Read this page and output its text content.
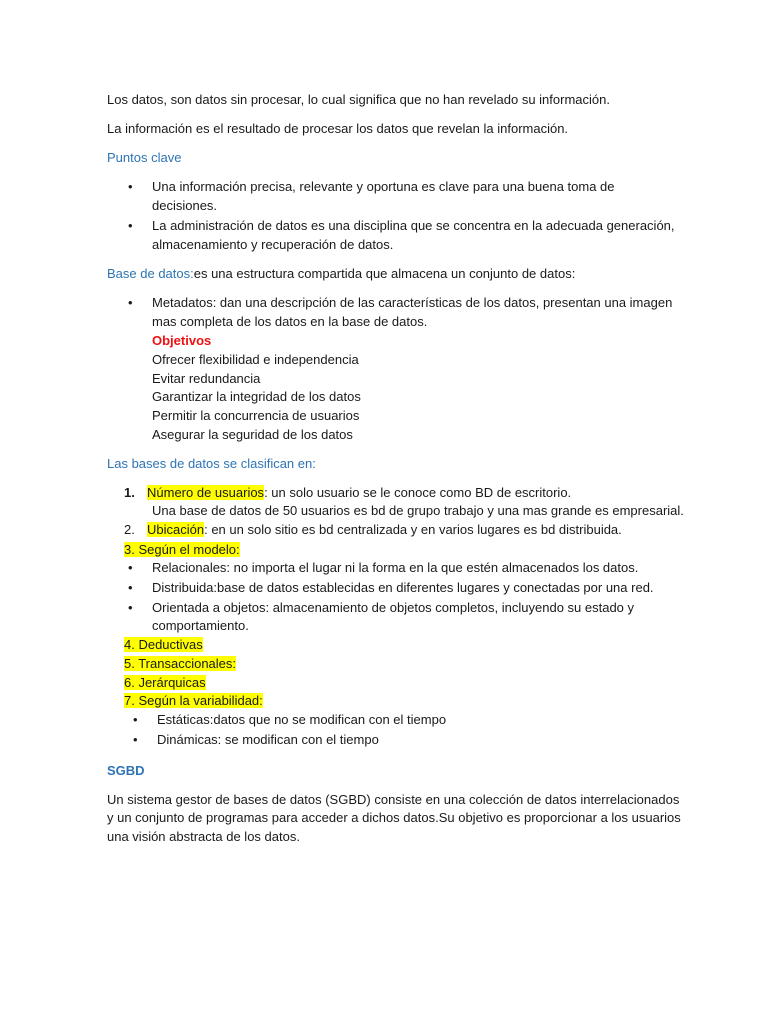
Los datos, son datos sin procesar, lo cual significa que no han revelado su información.
La información es el resultado de procesar los datos que revelan la información.
Puntos clave
• Una información precisa, relevante y oportuna es clave para una buena toma de
decisiones.
• La administración de datos es una disciplina que se concentra en la adecuada generación,
almacenamiento y recuperación de datos.
Base de datos:es una estructura compartida que almacena un conjunto de datos:
• Metadatos: dan una descripción de las características de los datos, presentan una imagen
mas completa de los datos en la base de datos.
Objetivos
Ofrecer flexibilidad e independencia
Evitar redundancia
Garantizar la integridad de los datos
Permitir la concurrencia de usuarios
Asegurar la seguridad de los datos
Las bases de datos se clasifican en:
1. Número de usuarios: un solo usuario se le conoce como BD de escritorio.
Una base de datos de 50 usuarios es bd de grupo trabajo y una mas grande es empresarial.
2. Ubicación: en un solo sitio es bd centralizada y en varios lugares es bd distribuida.
3. Según el modelo:
• Relacionales: no importa el lugar ni la forma en la que estén almacenados los datos.
• Distribuida:base de datos establecidas en diferentes lugares y conectadas por una red.
• Orientada a objetos: almacenamiento de objetos completos, incluyendo su estado y
comportamiento.
4. Deductivas
5. Transaccionales:
6. Jerárquicas
7. Según la variabilidad:
• Estáticas:datos que no se modifican con el tiempo
• Dinámicas: se modifican con el tiempo
SGBD
Un sistema gestor de bases de datos (SGBD) consiste en una colección de datos interrelacionados
y un conjunto de programas para acceder a dichos datos.Su objetivo es proporcionar a los usuarios
una visión abstracta de los datos.
